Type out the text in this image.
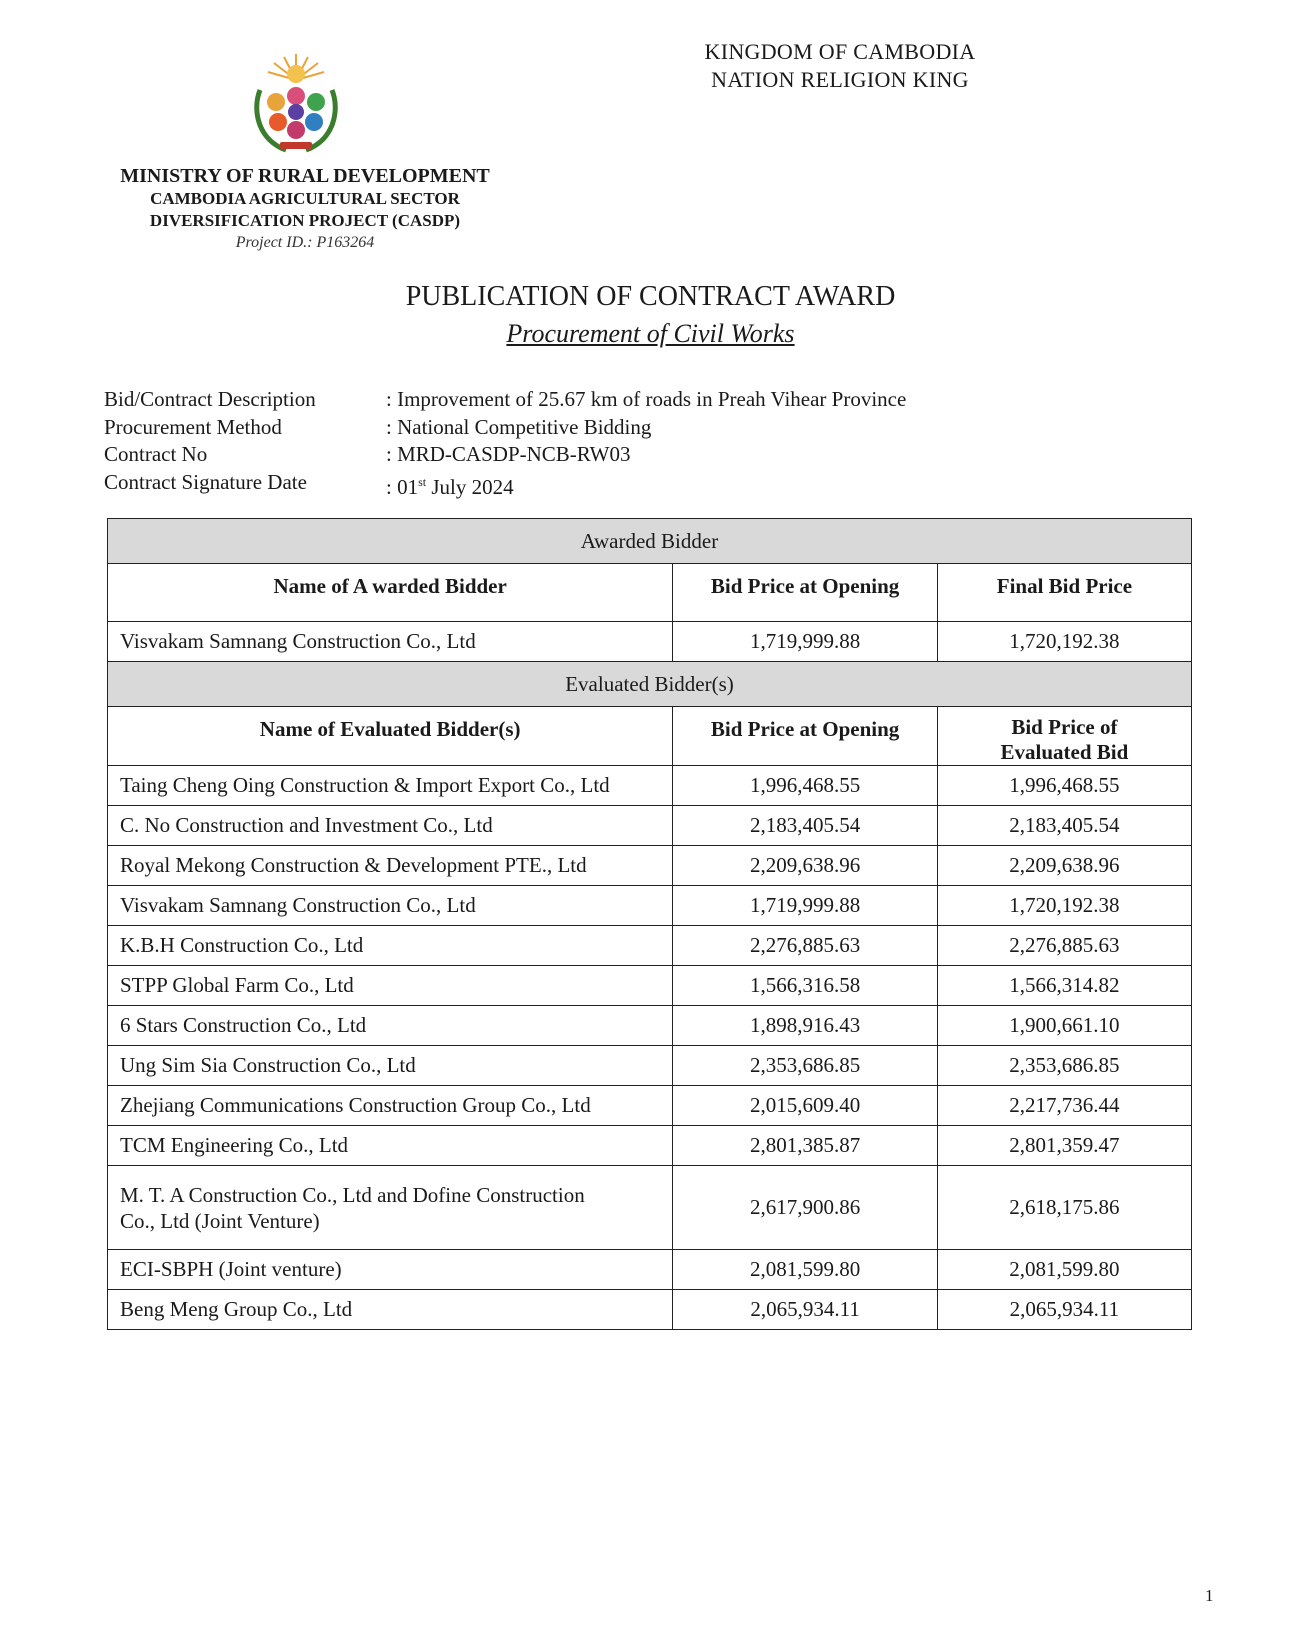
KINGDOM OF CAMBODIA
NATION RELIGION KING
MINISTRY OF RURAL DEVELOPMENT
CAMBODIA AGRICULTURAL SECTOR
DIVERSIFICATION PROJECT (CASDP)
Project ID.: P163264
PUBLICATION OF CONTRACT AWARD
Procurement of Civil Works
Bid/Contract Description	: Improvement of 25.67 km of roads in Preah Vihear Province
Procurement Method	: National Competitive Bidding
Contract No	: MRD-CASDP-NCB-RW03
Contract Signature Date	: 01st July 2024
Awarded Bidder		
Name of A warded Bidder	Bid Price at Opening	Final Bid Price
Visvakam Samnang Construction Co., Ltd	1,719,999.88	1,720,192.38
Evaluated Bidder(s)		
Name of Evaluated Bidder(s)	Bid Price at Opening	Bid Price of
Evaluated Bid

Taing Cheng Oing Construction & Import Export Co., Ltd	1,996,468.55	1,996,468.55
C. No Construction and Investment Co., Ltd	2,183,405.54	2,183,405.54
Royal Mekong Construction & Development PTE., Ltd	2,209,638.96	2,209,638.96
Visvakam Samnang Construction Co., Ltd	1,719,999.88	1,720,192.38
K.B.H Construction Co., Ltd	2,276,885.63	2,276,885.63
STPP Global Farm Co., Ltd	1,566,316.58	1,566,314.82
6 Stars Construction Co., Ltd	1,898,916.43	1,900,661.10
Ung Sim Sia Construction Co., Ltd	2,353,686.85	2,353,686.85
Zhejiang Communications Construction Group Co., Ltd	2,015,609.40	2,217,736.44
TCM Engineering Co., Ltd	2,801,385.87	2,801,359.47

M. T. A Construction Co., Ltd and Dofine Construction
Co., Ltd (Joint Venture)	2,617,900.86	2,618,175.86
ECI-SBPH (Joint venture)	2,081,599.80	2,081,599.80
Beng Meng Group Co., Ltd	2,065,934.11	2,065,934.11
1
